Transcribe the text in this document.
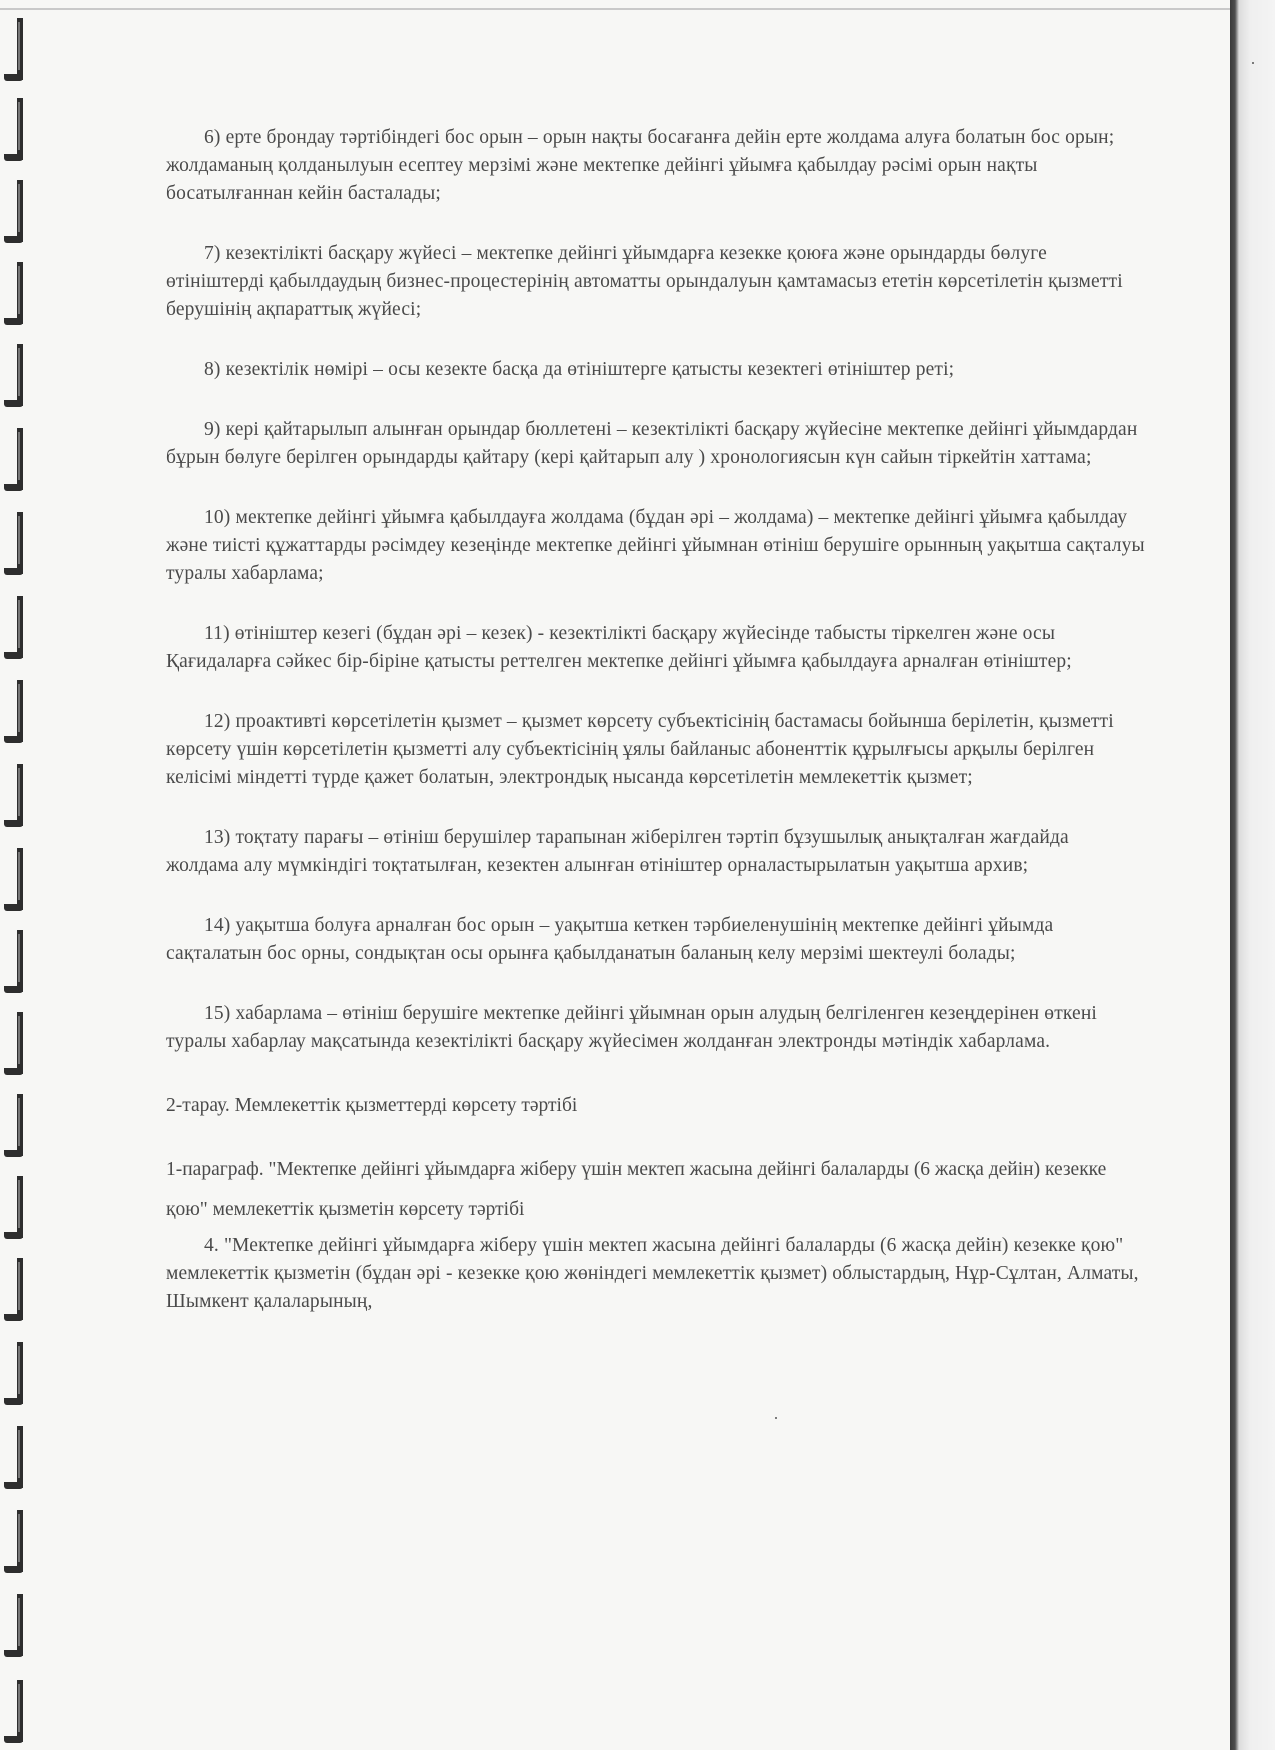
6) ерте брондау тәртібіндегі бос орын – орын нақты босағанға дейін ерте жолдама алуға болатын бос орын; жолдаманың қолданылуын есептеу мерзімі және мектепке дейінгі ұйымға қабылдау рәсімі орын нақты босатылғаннан кейін басталады;

7) кезектілікті басқару жүйесі – мектепке дейінгі ұйымдарға кезекке қоюға және орындарды бөлуге өтініштерді қабылдаудың бизнес-процестерінің автоматты орындалуын қамтамасыз ететін көрсетілетін қызметті берушінің ақпараттық жүйесі;

8) кезектілік нөмірі – осы кезекте басқа да өтініштерге қатысты кезектегі өтініштер реті;

9) кері қайтарылып алынған орындар бюллетені – кезектілікті басқару жүйесіне мектепке дейінгі ұйымдардан бұрын бөлуге берілген орындарды қайтару (кері қайтарып алу ) хронологиясын күн сайын тіркейтін хаттама;

10) мектепке дейінгі ұйымға қабылдауға жолдама (бұдан әрі – жолдама) – мектепке дейінгі ұйымға қабылдау және тиісті құжаттарды рәсімдеу кезеңінде мектепке дейінгі ұйымнан өтініш берушіге орынның уақытша сақталуы туралы хабарлама;

11) өтініштер кезегі (бұдан әрі – кезек) - кезектілікті басқару жүйесінде табысты тіркелген және осы Қағидаларға сәйкес бір-біріне қатысты реттелген мектепке дейінгі ұйымға қабылдауға арналған өтініштер;

12) проактивті көрсетілетін қызмет – қызмет көрсету субъектісінің бастамасы бойынша берілетін, қызметті көрсету үшін көрсетілетін қызметті алу субъектісінің ұялы байланыс абоненттік құрылғысы арқылы берілген келісімі міндетті түрде қажет болатын, электрондық нысанда көрсетілетін мемлекеттік қызмет;

13) тоқтату парағы – өтініш берушілер тарапынан жіберілген тәртіп бұзушылық анықталған жағдайда жолдама алу мүмкіндігі тоқтатылған, кезектен алынған өтініштер орналастырылатын уақытша архив;

14) уақытша болуға арналған бос орын – уақытша кеткен тәрбиеленушінің мектепке дейінгі ұйымда сақталатын бос орны, сондықтан осы орынға қабылданатын баланың келу мерзімі шектеулі болады;

15) хабарлама – өтініш берушіге мектепке дейінгі ұйымнан орын алудың белгіленген кезеңдерінен өткені туралы хабарлау мақсатында кезектілікті басқару жүйесімен жолданған электронды мәтіндік хабарлама.

2-тарау. Мемлекеттік қызметтерді көрсету тәртібі

1-параграф. "Мектепке дейінгі ұйымдарға жіберу үшін мектеп жасына дейінгі балаларды (6 жасқа дейін) кезекке қою" мемлекеттік қызметін көрсету тәртібі

4. "Мектепке дейінгі ұйымдарға жіберу үшін мектеп жасына дейінгі балаларды (6 жасқа дейін) кезекке қою" мемлекеттік қызметін (бұдан әрі - кезекке қою жөніндегі мемлекеттік қызмет) облыстардың, Нұр-Сұлтан, Алматы, Шымкент қалаларының,
